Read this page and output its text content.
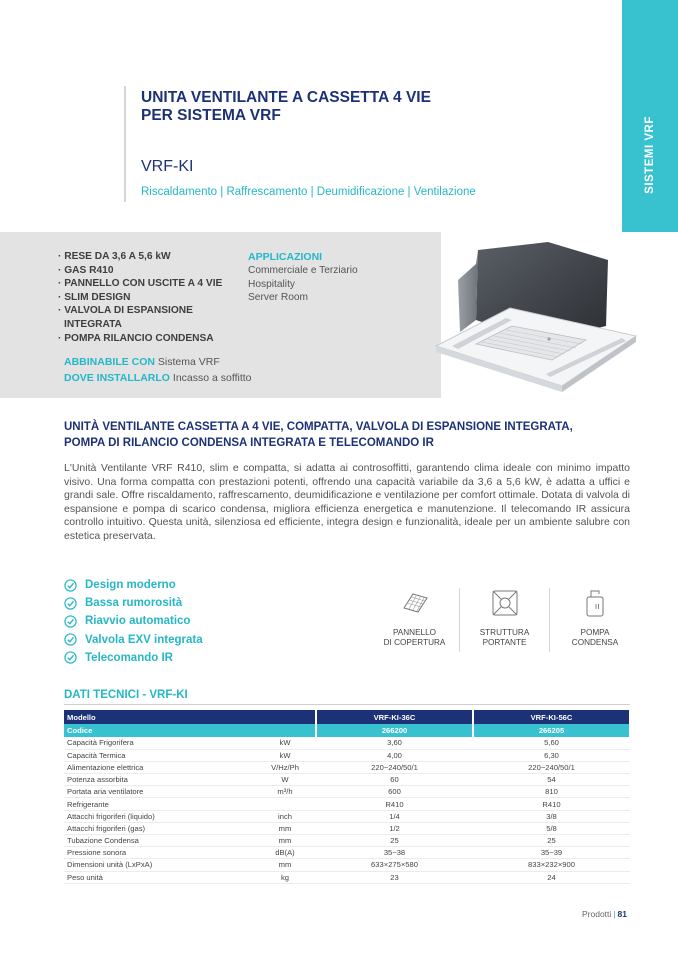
SISTEMI VRF
UNITA VENTILANTE A CASSETTA 4 VIE
PER SISTEMA VRF
VRF-KI
Riscaldamento | Raffrescamento | Deumidificazione | Ventilazione
· RESE DA 3,6 A 5,6 kW
· GAS R410
· PANNELLO CON USCITE A 4 VIE
· SLIM DESIGN
· VALVOLA DI ESPANSIONE
INTEGRATA
· POMPA RILANCIO CONDENSA
APPLICAZIONI
Commerciale e Terziario
Hospitality
Server Room
ABBINABILE CON Sistema VRF
DOVE INSTALLARLO Incasso a soffitto
UNITÀ VENTILANTE CASSETTA A 4 VIE, COMPATTA, VALVOLA DI ESPANSIONE INTEGRATA,
POMPA DI RILANCIO CONDENSA INTEGRATA E TELECOMANDO IR

L'Unità Ventilante VRF R410, slim e compatta, si adatta ai controsoffitti, garantendo clima ideale con minimo impatto visivo. Una forma compatta con prestazioni potenti, offrendo una capacità variabile da 3,6 a 5,6 kW, è adatta a uffici e grandi sale. Offre riscaldamento, raffrescamento, deumidificazione e ventilazione per comfort ottimale. Dotata di valvola di espansione e pompa di scarico condensa, migliora efficienza energetica e manutenzione. Il telecomando IR assicura controllo intuitivo. Questa unità, silenziosa ed efficiente, integra design e funzionalità, ideale per un ambiente salubre con estetica preservata.

Design moderno
Bassa rumorosità
Riavvio automatico
Valvola EXV integrata
Telecomando IR
PANNELLO
DI COPERTURA
STRUTTURA
PORTANTE
POMPA
CONDENSA
DATI TECNICI - VRF-KI
Modello		VRF-KI-36C	VRF-KI-56C
Codice		266200	266205
Capacità Frigorifera	kW	3,60	5,60
Capacità Termica	kW	4,00	6,30
Alimentazione elettrica	V/Hz/Ph	220~240/50/1	220~240/50/1
Potenza assorbita	W	60	54
Portata aria ventilatore	m³/h	600	810
Refrigerante		R410	R410
Attacchi frigoriferi (liquido)	inch	1/4	3/8
Attacchi frigoriferi (gas)	mm	1/2	5/8
Tubazione Condensa	mm	25	25
Pressione sonora	dB(A)	35~38	35~39
Dimensioni unità (LxPxA)	mm	633×275×580	833×232×900
Peso unità	kg	23	24
Prodotti | 81
